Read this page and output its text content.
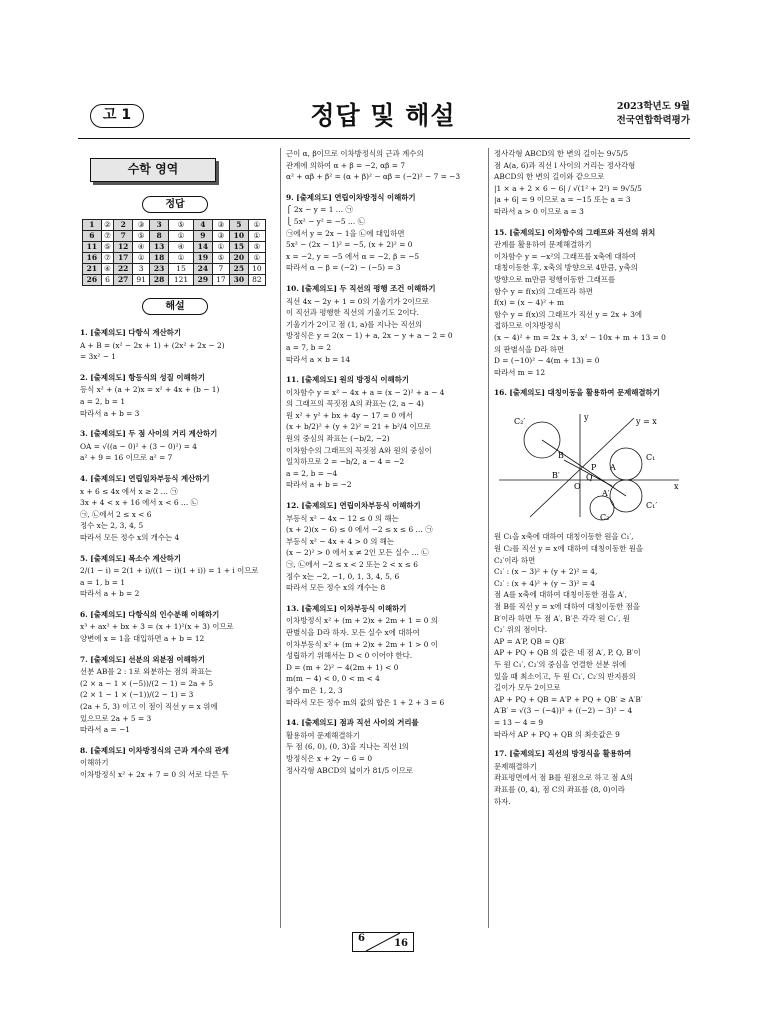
고 1	정답 및 해설	2023학년도 9월
전국연합학력평가
수학 영역
정답
1	②	2	③	3	⑤	4	③	5	①
6	⑦	7	⑤	8	①	9	③	10	①
11	⑤	12	④	13	④	14	①	15	⑤
16	⑦	17	①	18	①	19	⑤	20	①
21	④	22	3	23	15	24	7	25	10
26	6	27	91	28	121	29	17	30	82
해설
1. [출제의도] 다항식 계산하기
A + B = (x² − 2x + 1) + (2x² + 2x − 2)
= 3x² − 1
2. [출제의도] 항등식의 성질 이해하기
등식 x² + (a + 2)x = x² + 4x + (b − 1)
a = 2, b = 1
따라서 a + b = 3
3. [출제의도] 두 점 사이의 거리 계산하기
OA = √((a − 0)² + (3 − 0)²) = 4
a² + 9 = 16 이므로 a² = 7
4. [출제의도] 연립일차부등식 계산하기
x + 6 ≤ 4x 에서 x ≥ 2 … ㉠
3x + 4 < x + 16 에서 x < 6 … ㉡
㉠, ㉡에서 2 ≤ x < 6
정수 x는 2, 3, 4, 5
따라서 모든 정수 x의 개수는 4
5. [출제의도] 복소수 계산하기
2/(1 − i) = 2(1 + i)/((1 − i)(1 + i)) = 1 + i 이므로
a = 1, b = 1
따라서 a + b = 2
6. [출제의도] 다항식의 인수분해 이해하기
x³ + ax² + bx + 3 = (x + 1)²(x + 3) 이므로
양변에 x = 1을 대입하면 a + b = 12
7. [출제의도] 선분의 외분점 이해하기
선분 AB를 2 : 1로 외분하는 점의 좌표는
(2 × a − 1 × (−5))/(2 − 1) = 2a + 5
(2 × 1 − 1 × (−1))/(2 − 1) = 3
(2a + 5, 3) 이고 이 점이 직선 y = x 위에
있으므로 2a + 5 = 3
따라서 a = −1
8. [출제의도] 이차방정식의 근과 계수의 관계
이해하기
이차방정식 x² + 2x + 7 = 0 의 서로 다른 두
근이 α, β이므로 이차방정식의 근과 계수의
관계에 의하여 α + β = −2, αβ = 7
α² + αβ + β² = (α + β)² − αβ = (−2)² − 7 = −3
9. [출제의도] 연립이차방정식 이해하기
⎧ 2x − y = 1 … ㉠
⎩ 5x² − y² = −5 … ㉡
㉠에서 y = 2x − 1을 ㉡에 대입하면
5x² − (2x − 1)² = −5, (x + 2)² = 0
x = −2, y = −5 에서 α = −2, β = −5
따라서 α − β = (−2) − (−5) = 3
10. [출제의도] 두 직선의 평행 조건 이해하기
직선 4x − 2y + 1 = 0의 기울기가 2이므로
이 직선과 평행한 직선의 기울기도 2이다.
기울기가 2이고 점 (1, a)를 지나는 직선의
방정식은 y = 2(x − 1) + a, 2x − y + a − 2 = 0
a = 7, b = 2
따라서 a × b = 14
11. [출제의도] 원의 방정식 이해하기
이차함수 y = x² − 4x + a = (x − 2)² + a − 4
의 그래프의 꼭짓점 A의 좌표는 (2, a − 4)
원 x² + y² + bx + 4y − 17 = 0 에서
(x + b/2)² + (y + 2)² = 21 + b²/4 이므로
원의 중심의 좌표는 (−b/2, −2)
이차함수의 그래프의 꼭짓점 A와 원의 중심이
일치하므로 2 = −b/2, a − 4 = −2
a = 2, b = −4
따라서 a + b = −2
12. [출제의도] 연립이차부등식 이해하기
부등식 x² − 4x − 12 ≤ 0 의 해는
(x + 2)(x − 6) ≤ 0 에서 −2 ≤ x ≤ 6 … ㉠
부등식 x² − 4x + 4 > 0 의 해는
(x − 2)² > 0 에서 x ≠ 2인 모든 실수 … ㉡
㉠, ㉡에서 −2 ≤ x < 2 또는 2 < x ≤ 6
정수 x는 −2, −1, 0, 1, 3, 4, 5, 6
따라서 모든 정수 x의 개수는 8
13. [출제의도] 이차부등식 이해하기
이차방정식 x² + (m + 2)x + 2m + 1 = 0 의
판별식을 D라 하자. 모든 실수 x에 대하여
이차부등식 x² + (m + 2)x + 2m + 1 > 0 이
성립하기 위해서는 D < 0 이어야 한다.
D = (m + 2)² − 4(2m + 1) < 0
m(m − 4) < 0, 0 < m < 4
정수 m은 1, 2, 3
따라서 모든 정수 m의 값의 합은 1 + 2 + 3 = 6
14. [출제의도] 점과 직선 사이의 거리를
활용하여 문제해결하기
두 점 (6, 0), (0, 3)을 지나는 직선 l의
방정식은 x + 2y − 6 = 0
정사각형 ABCD의 넓이가 81/5 이므로
정사각형 ABCD의 한 변의 길이는 9√5/5
점 A(a, 6)과 직선 l 사이의 거리는 정사각형
ABCD의 한 변의 길이와 같으므로
|1 × a + 2 × 6 − 6| / √(1² + 2²) = 9√5/5
|a + 6| = 9 이므로 a = −15 또는 a = 3
따라서 a > 0 이므로 a = 3
15. [출제의도] 이차함수의 그래프와 직선의 위치
관계를 활용하여 문제해결하기
이차함수 y = −x²의 그래프를 x축에 대하여
대칭이동한 후, x축의 방향으로 4만큼, y축의
방향으로 m만큼 평행이동한 그래프를
함수 y = f(x)의 그래프라 하면
f(x) = (x − 4)² + m
함수 y = f(x)의 그래프가 직선 y = 2x + 3에
접하므로 이차방정식
(x − 4)² + m = 2x + 3, x² − 10x + m + 13 = 0
의 판별식을 D라 하면
D = (−10)² − 4(m + 13) = 0
따라서 m = 12
16. [출제의도] 대칭이동을 활용하여 문제해결하기
C₂′	y = x
C₁
C₁′
C₂
B
P A
Q
B′
A′
O	x
y
원 C₁을 x축에 대하여 대칭이동한 원을 C₁′,
원 C₂를 직선 y = x에 대하여 대칭이동한 원을
C₂′이라 하면
C₁′ : (x − 3)² + (y + 2)² = 4,
C₂′ : (x + 4)² + (y − 3)² = 4
점 A를 x축에 대하여 대칭이동한 점을 A′,
점 B를 직선 y = x에 대하여 대칭이동한 점을
B′이라 하면 두 점 A′, B′은 각각 원 C₁′, 원
C₂′ 위의 점이다.
AP = A′P, QB = QB′
AP + PQ + QB 의 값은 네 점 A′, P, Q, B′이
두 원 C₁′, C₂′의 중심을 연결한 선분 위에
있을 때 최소이고, 두 원 C₁′, C₂′의 반지름의
길이가 모두 2이므로
AP + PQ + QB = A′P + PQ + QB′ ≥ A′B′
A′B′ = √(3 − (−4))² + ((−2) − 3)² − 4
= 13 − 4 = 9
따라서 AP + PQ + QB 의 최솟값은 9
17. [출제의도] 직선의 방정식을 활용하여
문제해결하기
좌표평면에서 점 B를 원점으로 하고 점 A의
좌표를 (0, 4), 점 C의 좌표를 (8, 0)이라
하자.
6	16
